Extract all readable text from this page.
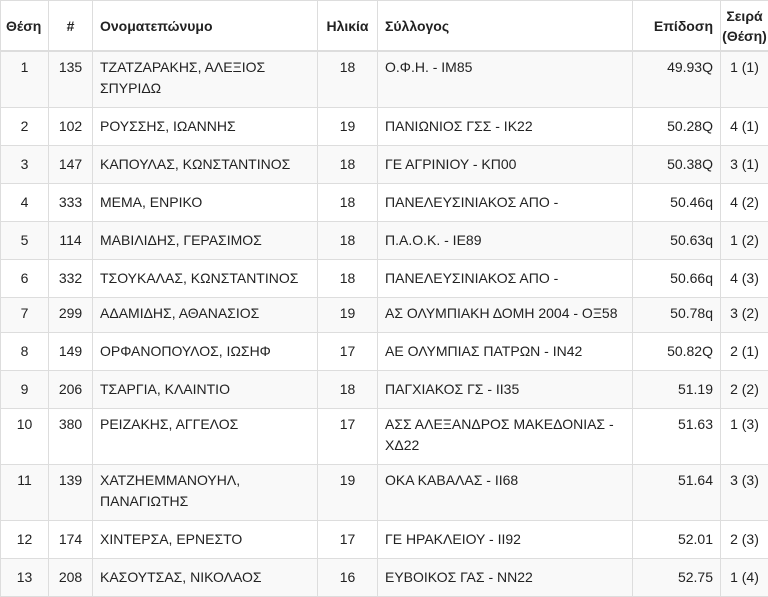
Θέση	#	Ονοματεπώνυμο	Ηλικία	Σύλλογος	Επίδοση	Σειρά
(Θέση)
1	135	ΤΖΑΤΖΑΡΑΚΗΣ, ΑΛΕΞΙΟΣ ΣΠΥΡΙΔΩ	18	Ο.Φ.Η. - ΙΜ85	49.93Q	1 (1)
2	102	ΡΟΥΣΣΗΣ, ΙΩΑΝΝΗΣ	19	ΠΑΝΙΩΝΙΟΣ ΓΣΣ - ΙΚ22	50.28Q	4 (1)
3	147	ΚΑΠΟΥΛΑΣ, ΚΩΝΣΤΑΝΤΙΝΟΣ	18	ΓΕ ΑΓΡΙΝΙΟΥ - ΚΠ00	50.38Q	3 (1)
4	333	ΜΕΜΑ, ΕΝΡΙΚΟ	18	ΠΑΝΕΛΕΥΣΙΝΙΑΚΟΣ ΑΠΟ -	50.46q	4 (2)
5	114	ΜΑΒΙΛΙΔΗΣ, ΓΕΡΑΣΙΜΟΣ	18	Π.Α.Ο.Κ. - ΙΕ89	50.63q	1 (2)
6	332	ΤΣΟΥΚΑΛΑΣ, ΚΩΝΣΤΑΝΤΙΝΟΣ	18	ΠΑΝΕΛΕΥΣΙΝΙΑΚΟΣ ΑΠΟ -	50.66q	4 (3)
7	299	ΑΔΑΜΙΔΗΣ, ΑΘΑΝΑΣΙΟΣ	19	ΑΣ ΟΛΥΜΠΙΑΚΗ ΔΟΜΗ 2004 - ΟΞ58	50.78q	3 (2)
8	149	ΟΡΦΑΝΟΠΟΥΛΟΣ, ΙΩΣΗΦ	17	ΑΕ ΟΛΥΜΠΙΑΣ ΠΑΤΡΩΝ - ΙΝ42	50.82Q	2 (1)
9	206	ΤΣΑΡΓΙΑ, ΚΛΑΙΝΤΙΟ	18	ΠΑΓΧΙΑΚΟΣ ΓΣ - ΙΙ35	51.19	2 (2)
10	380	ΡΕΙΖΑΚΗΣ, ΑΓΓΕΛΟΣ	17	ΑΣΣ ΑΛΕΞΑΝΔΡΟΣ ΜΑΚΕΔΟΝΙΑΣ - ΧΔ22	51.63	1 (3)
11	139	ΧΑΤΖΗΕΜΜΑΝΟΥΗΛ, ΠΑΝΑΓΙΩΤΗΣ	19	ΟΚΑ ΚΑΒΑΛΑΣ - ΙΙ68	51.64	3 (3)
12	174	ΧΙΝΤΕΡΣΑ, ΕΡΝΕΣΤΟ	17	ΓΕ ΗΡΑΚΛΕΙΟΥ - ΙΙ92	52.01	2 (3)
13	208	ΚΑΣΟΥΤΣΑΣ, ΝΙΚΟΛΑΟΣ	16	ΕΥΒΟΙΚΟΣ ΓΑΣ - ΝΝ22	52.75	1 (4)
